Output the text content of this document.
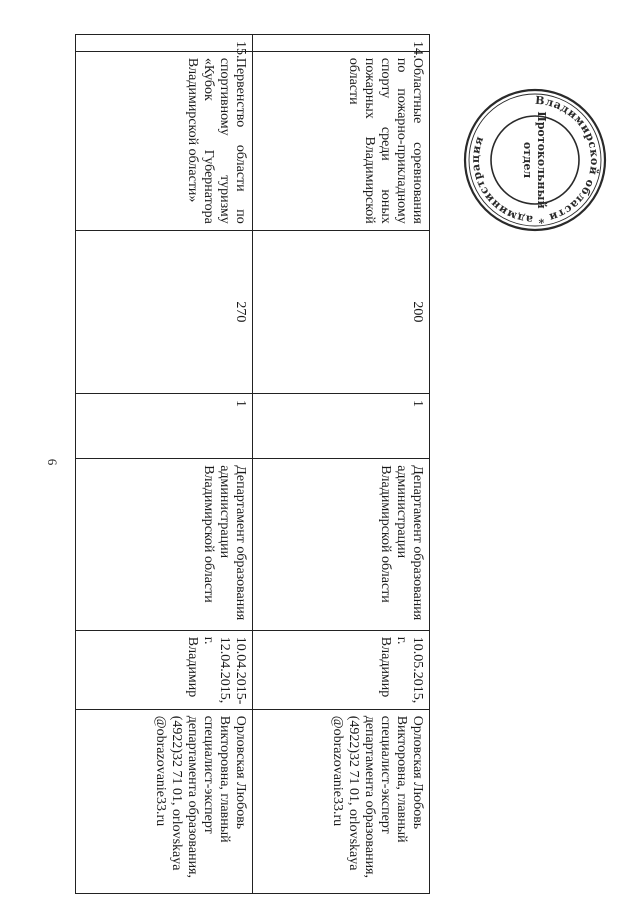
6
14.	Областные соревнования по пожарно-прикладному спорту среди юных пожарных Владимирской области	200	1	Департамент образования администрации Владимирской области	10.05.2015, г. Владимир	Орловская Любовь Викторовна, главный специалист-эксперт департамента образования, (4922)32 71 01, orlovskaya @obrazovanie33.ru
15.	Первенство области по спортивному туризму «Кубок Губернатора Владимирской области»	270	1	Департамент образования администрации Владимирской области	10.04.2015-12.04.2015, г. Владимир	Орловская Любовь Викторовна, главный специалист-эксперт департамента образования, (4922)32 71 01, orlovskaya @obrazovanie33.ru
Владимирской области * администрация	Протокольный
отдел
